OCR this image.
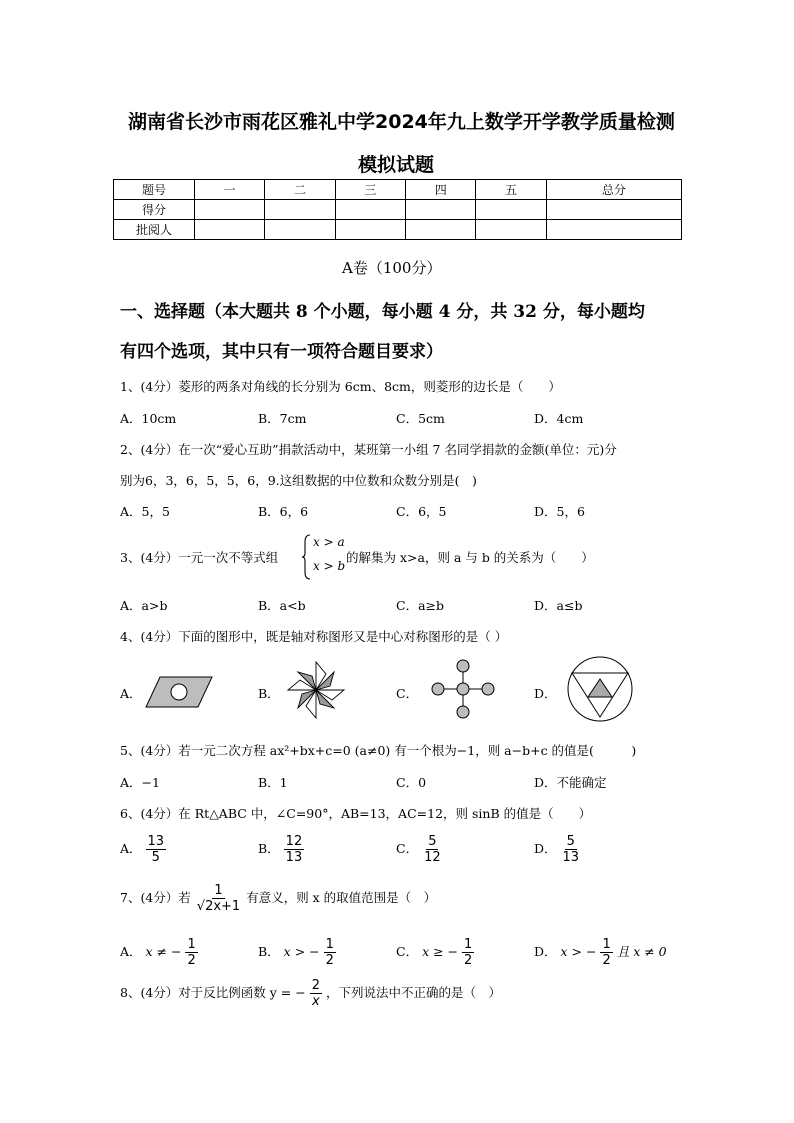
湖南省长沙市雨花区雅礼中学2024年九上数学开学教学质量检测
模拟试题
题号	一	二	三	四	五	总分
得分						
批阅人						
A卷（100分）
一、选择题（本大题共 8 个小题，每小题 4 分，共 32 分，每小题均
有四个选项，其中只有一项符合题目要求）
1、(4分）菱形的两条对角线的长分别为 6cm、8cm，则菱形的边长是（　　）
A．10cm	B．7cm	C．5cm	D．4cm
2、(4分）在一次“爱心互助”捐款活动中，某班第一小组 7 名同学捐款的金额(单位：元)分
别为6，3，6，5，5，6，9.这组数据的中位数和众数分别是(　)
A．5，5	B．6，6	C．6，5	D．5，6
3、(4分）一元一次不等式组
x > a
x > b
的解集为 x>a，则 a 与 b 的关系为（　　）
A．a>b	B．a<b	C．a≥b	D．a≤b
4、(4分）下面的图形中，既是轴对称图形又是中心对称图形的是（ ）
A．	B．	C．	D．
5、(4分）若一元二次方程 ax²+bx+c=0 (a≠0) 有一个根为−1，则 a−b+c 的值是(　　　)
A．−1	B．1	C．0	D．不能确定
6、(4分）在 Rt△ABC 中，∠C=90°，AB=13，AC=12，则 sinB 的值是（　　）
A． $\frac{13}{5}$	B． $\frac{12}{13}$	C． $\frac{5}{12}$	D． $\frac{5}{13}$
7、(4分）若 $\frac{1}{√2x+1}$ 有意义，则 x 的取值范围是（　）
A． x ≠ − $\frac{1}{2}$	B． x > − $\frac{1}{2}$	C． x ≥ − $\frac{1}{2}$	D． x > − $\frac{1}{2}$ 且 x ≠ 0
8、(4分）对于反比例函数 y = − $\frac{2}{x}$ ，下列说法中不正确的是（　）
